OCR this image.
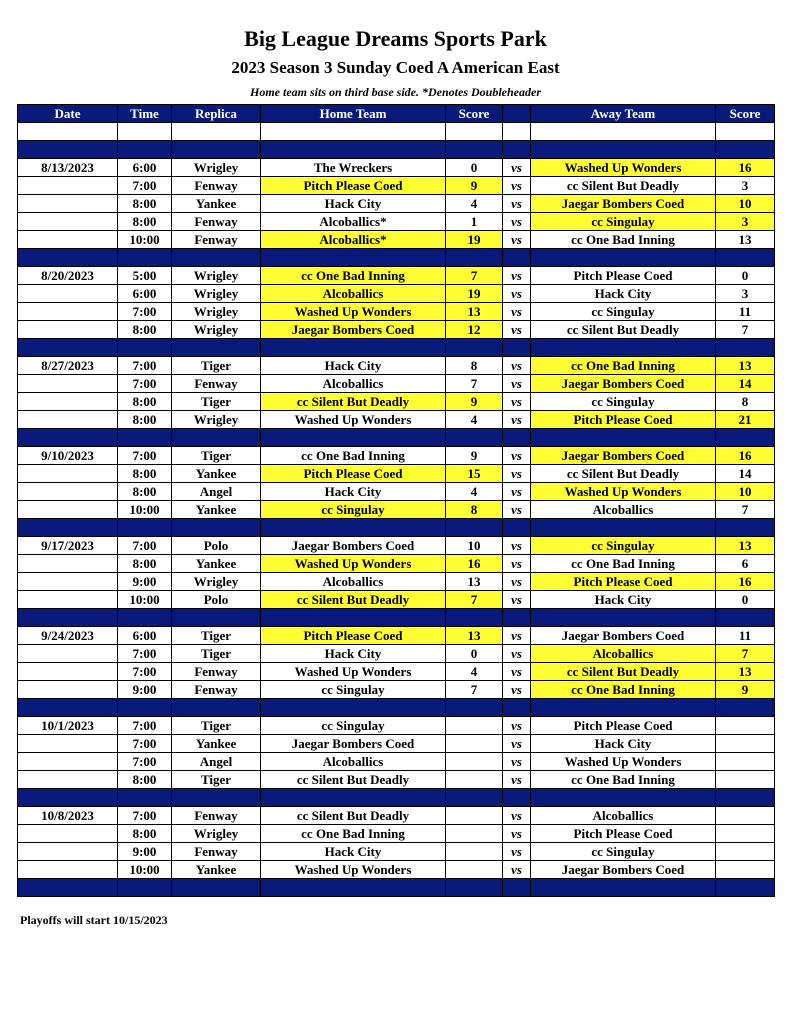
Big League Dreams Sports Park
2023 Season 3 Sunday Coed A American East
Home team sits on third base side. *Denotes Doubleheader
Date	Time	Replica	Home Team	Score		Away Team	Score

8/13/2023	6:00	Wrigley	The Wreckers	0	vs	Washed Up Wonders	16
	7:00	Fenway	Pitch Please Coed	9	vs	cc Silent But Deadly	3
	8:00	Yankee	Hack City	4	vs	Jaegar Bombers Coed	10
	8:00	Fenway	Alcoballics*	1	vs	cc Singulay	3
	10:00	Fenway	Alcoballics*	19	vs	cc One Bad Inning	13

8/20/2023	5:00	Wrigley	cc One Bad Inning	7	vs	Pitch Please Coed	0
	6:00	Wrigley	Alcoballics	19	vs	Hack City	3
	7:00	Wrigley	Washed Up Wonders	13	vs	cc Singulay	11
	8:00	Wrigley	Jaegar Bombers Coed	12	vs	cc Silent But Deadly	7

8/27/2023	7:00	Tiger	Hack City	8	vs	cc One Bad Inning	13
	7:00	Fenway	Alcoballics	7	vs	Jaegar Bombers Coed	14
	8:00	Tiger	cc Silent But Deadly	9	vs	cc Singulay	8
	8:00	Wrigley	Washed Up Wonders	4	vs	Pitch Please Coed	21

9/10/2023	7:00	Tiger	cc One Bad Inning	9	vs	Jaegar Bombers Coed	16
	8:00	Yankee	Pitch Please Coed	15	vs	cc Silent But Deadly	14
	8:00	Angel	Hack City	4	vs	Washed Up Wonders	10
	10:00	Yankee	cc Singulay	8	vs	Alcoballics	7

9/17/2023	7:00	Polo	Jaegar Bombers Coed	10	vs	cc Singulay	13
	8:00	Yankee	Washed Up Wonders	16	vs	cc One Bad Inning	6
	9:00	Wrigley	Alcoballics	13	vs	Pitch Please Coed	16
	10:00	Polo	cc Silent But Deadly	7	vs	Hack City	0

9/24/2023	6:00	Tiger	Pitch Please Coed	13	vs	Jaegar Bombers Coed	11
	7:00	Tiger	Hack City	0	vs	Alcoballics	7
	7:00	Fenway	Washed Up Wonders	4	vs	cc Silent But Deadly	13
	9:00	Fenway	cc Singulay	7	vs	cc One Bad Inning	9

10/1/2023	7:00	Tiger	cc Singulay		vs	Pitch Please Coed	
	7:00	Yankee	Jaegar Bombers Coed		vs	Hack City	
	7:00	Angel	Alcoballics		vs	Washed Up Wonders	
	8:00	Tiger	cc Silent But Deadly		vs	cc One Bad Inning	

10/8/2023	7:00	Fenway	cc Silent But Deadly		vs	Alcoballics	
	8:00	Wrigley	cc One Bad Inning		vs	Pitch Please Coed	
	9:00	Fenway	Hack City		vs	cc Singulay	
	10:00	Yankee	Washed Up Wonders		vs	Jaegar Bombers Coed	

Playoffs will start 10/15/2023
